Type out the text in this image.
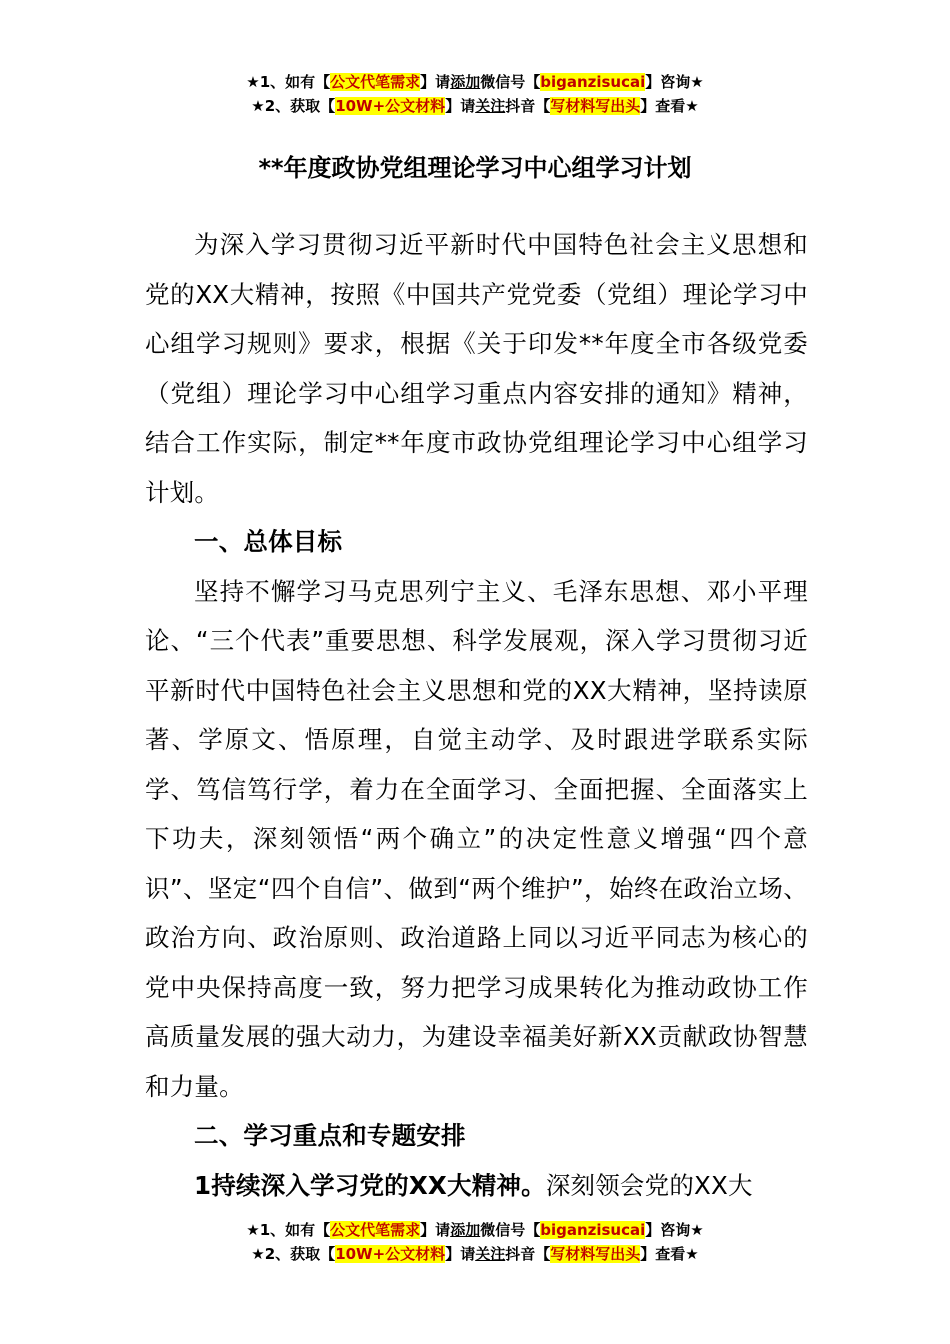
★1、如有【公文代笔需求】请添加微信号【biganzisucai】咨询★
★2、获取【10W+公文材料】请关注抖音【写材料写出头】查看★
**年度政协党组理论学习中心组学习计划

为深入学习贯彻习近平新时代中国特色社会主义思想和党的XX大精神，按照《中国共产党党委（党组）理论学习中心组学习规则》要求，根据《关于印发**年度全市各级党委（党组）理论学习中心组学习重点内容安排的通知》精神，结合工作实际，制定**年度市政协党组理论学习中心组学习计划。

一、总体目标

坚持不懈学习马克思列宁主义、毛泽东思想、邓小平理论、“三个代表”重要思想、科学发展观，深入学习贯彻习近平新时代中国特色社会主义思想和党的XX大精神，坚持读原著、学原文、悟原理，自觉主动学、及时跟进学联系实际学、笃信笃行学，着力在全面学习、全面把握、全面落实上下功夫，深刻领悟“两个确立”的决定性意义增强“四个意识”、坚定“四个自信”、做到“两个维护”，始终在政治立场、政治方向、政治原则、政治道路上同以习近平同志为核心的党中央保持高度一致，努力把学习成果转化为推动政协工作高质量发展的强大动力，为建设幸福美好新XX贡献政协智慧和力量。

二、学习重点和专题安排

1持续深入学习党的XX大精神。深刻领会党的XX大

★1、如有【公文代笔需求】请添加微信号【biganzisucai】咨询★
★2、获取【10W+公文材料】请关注抖音【写材料写出头】查看★
